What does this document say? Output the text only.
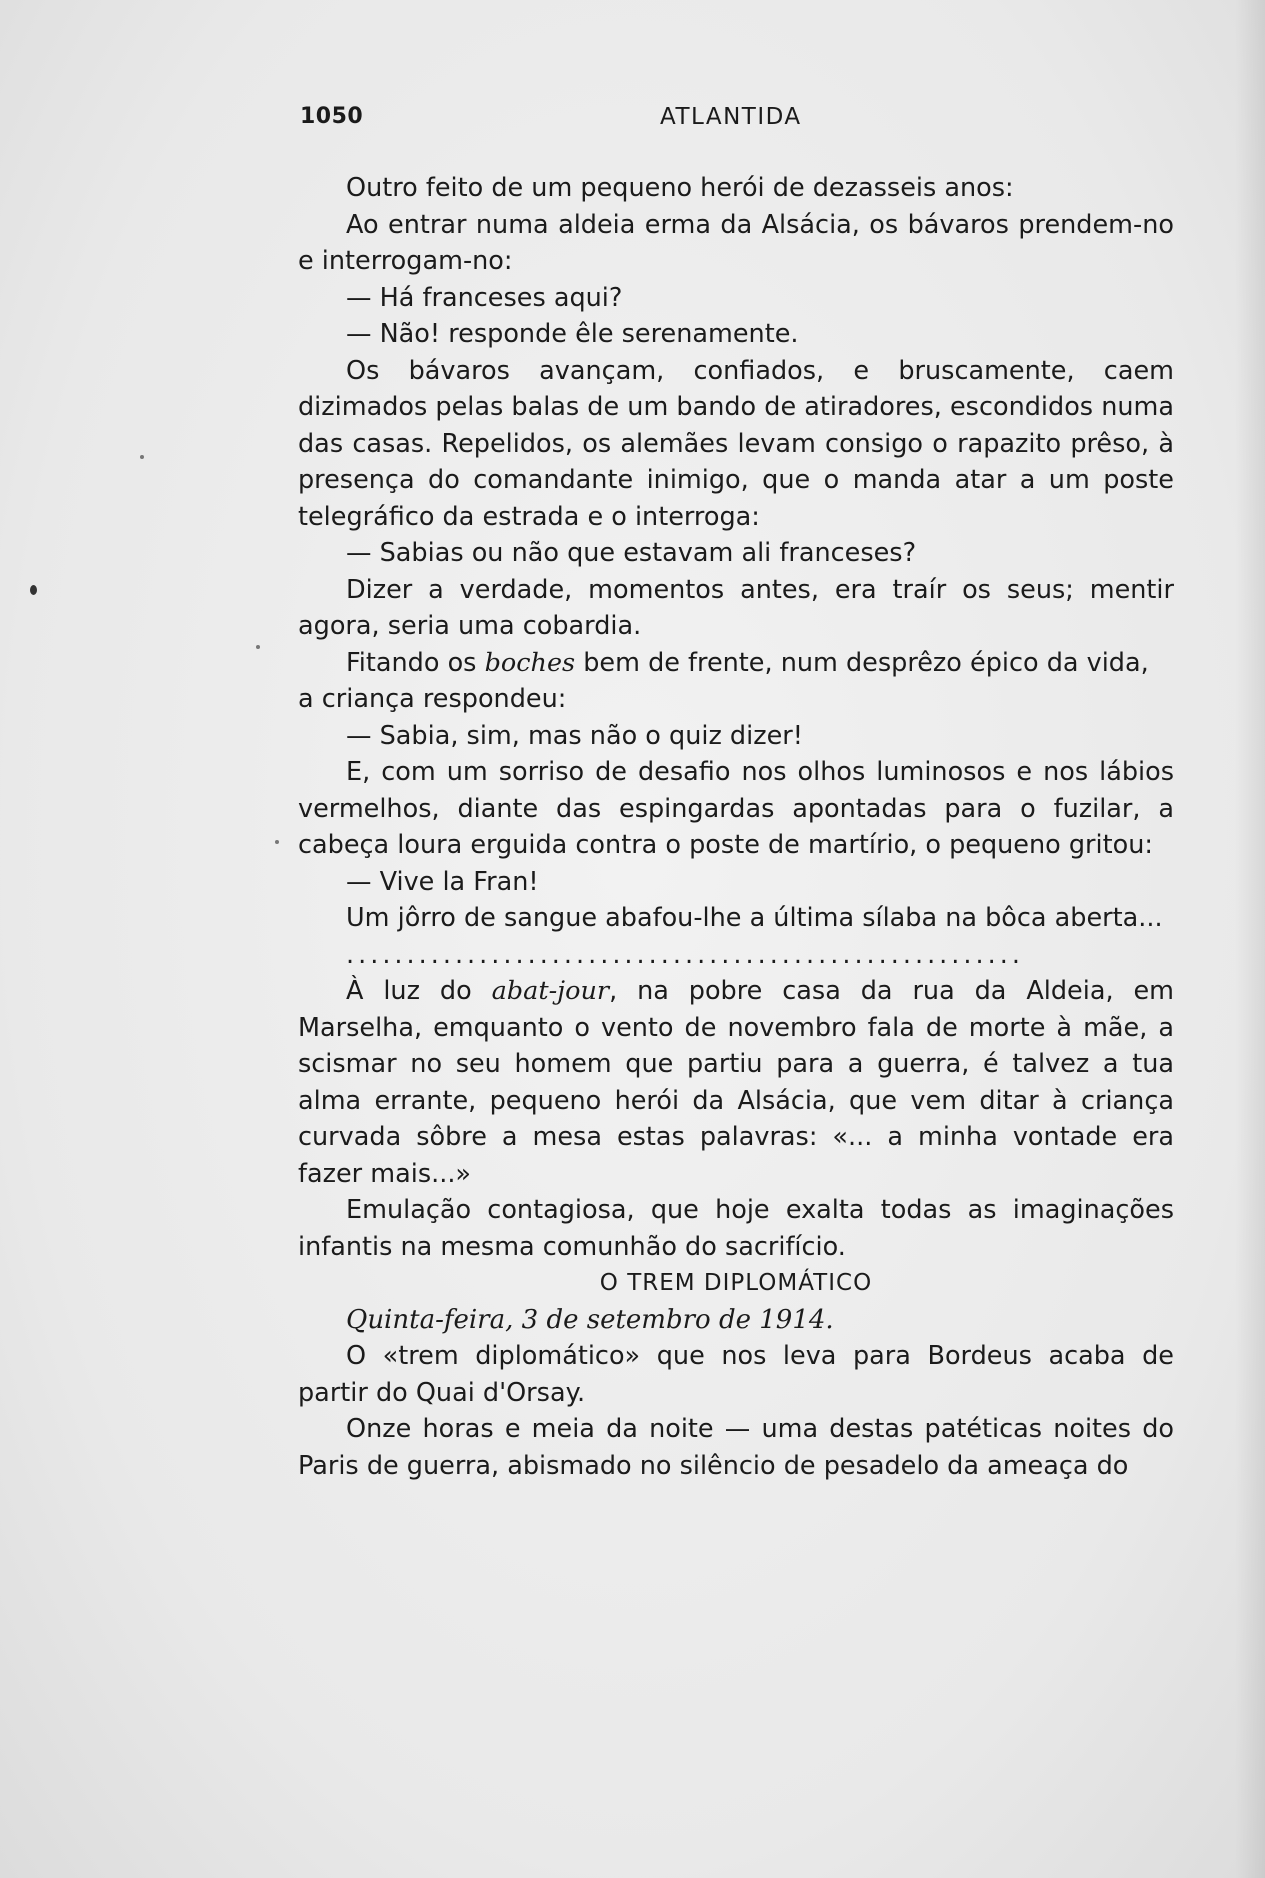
1050	ATLANTIDA

Outro feito de um pequeno herói de dezasseis anos:

Ao entrar numa aldeia erma da Alsácia, os bávaros prendem-no e interrogam-no:

— Há franceses aqui?

— Não! responde êle serenamente.

Os bávaros avançam, confiados, e bruscamente, caem dizimados pelas balas de um bando de atiradores, escondidos numa das casas. Repelidos, os alemães levam consigo o rapazito prêso, à presença do comandante inimigo, que o manda atar a um poste telegráfico da estrada e o interroga:

— Sabias ou não que estavam ali franceses?

Dizer a verdade, momentos antes, era traír os seus; mentir agora, seria uma cobardia.

Fitando os boches bem de frente, num desprêzo épico da vida,

a criança respondeu:

— Sabia, sim, mas não o quiz dizer!

E, com um sorriso de desafio nos olhos luminosos e nos lábios vermelhos, diante das espingardas apontadas para o fuzilar, a cabeça loura erguida contra o poste de martírio, o pequeno gritou:

— Vive la Fran!

Um jôrro de sangue abafou-lhe a última sílaba na bôca aberta...

........................................................

À luz do abat-jour, na pobre casa da rua da Aldeia, em Marselha, emquanto o vento de novembro fala de morte à mãe, a scismar no seu homem que partiu para a guerra, é talvez a tua alma errante, pequeno herói da Alsácia, que vem ditar à criança curvada sôbre a mesa estas palavras: «... a minha vontade era fazer mais...»

Emulação contagiosa, que hoje exalta todas as imaginações infantis na mesma comunhão do sacrifício.

O TREM DIPLOMÁTICO

Quinta-feira, 3 de setembro de 1914.

O «trem diplomático» que nos leva para Bordeus acaba de partir do Quai d'Orsay.

Onze horas e meia da noite — uma destas patéticas noites do Paris de guerra, abismado no silêncio de pesadelo da ameaça do
